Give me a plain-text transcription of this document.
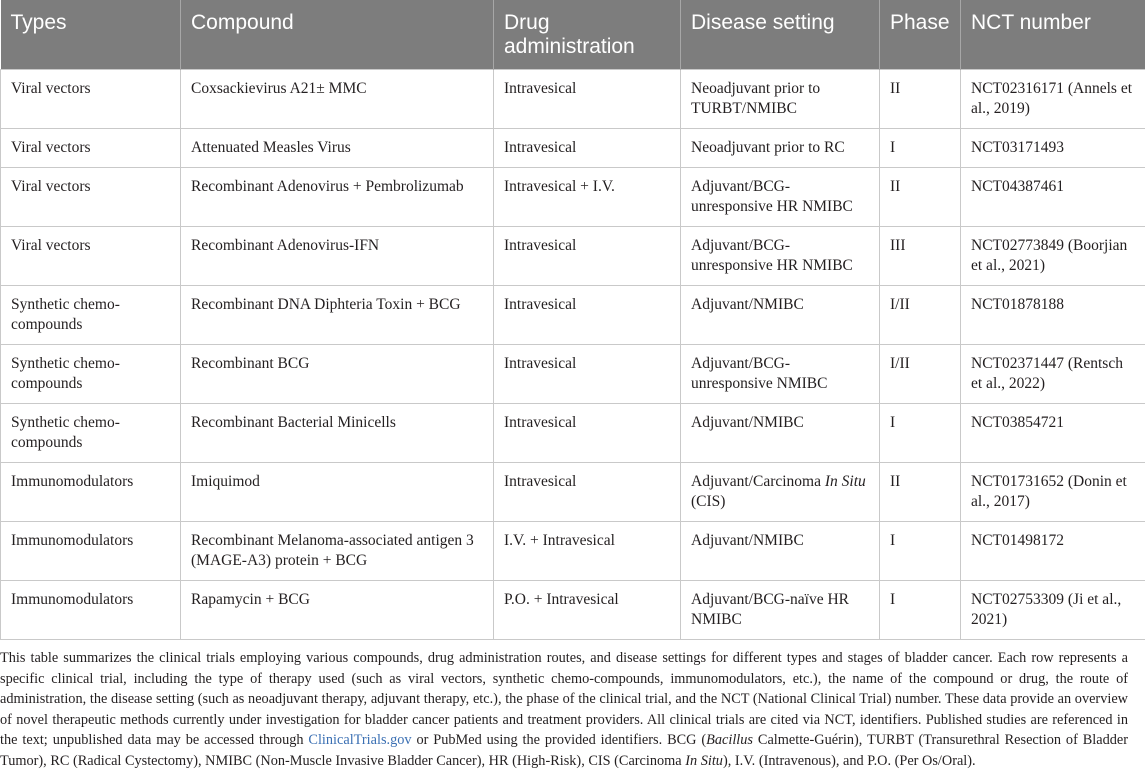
Types	Compound	Drug administration	Disease setting	Phase	NCT number
Viral vectors	Coxsackievirus A21± MMC	Intravesical	Neoadjuvant prior to TURBT/NMIBC	II	NCT02316171 (Annels et al., 2019)
Viral vectors	Attenuated Measles Virus	Intravesical	Neoadjuvant prior to RC	I	NCT03171493
Viral vectors	Recombinant Adenovirus + Pembrolizumab	Intravesical + I.V.	Adjuvant/BCG-unresponsive HR NMIBC	II	NCT04387461
Viral vectors	Recombinant Adenovirus-IFN	Intravesical	Adjuvant/BCG-unresponsive HR NMIBC	III	NCT02773849 (Boorjian et al., 2021)
Synthetic chemo-compounds	Recombinant DNA Diphteria Toxin + BCG	Intravesical	Adjuvant/NMIBC	I/II	NCT01878188
Synthetic chemo-compounds	Recombinant BCG	Intravesical	Adjuvant/BCG-unresponsive NMIBC	I/II	NCT02371447 (Rentsch et al., 2022)
Synthetic chemo-compounds	Recombinant Bacterial Minicells	Intravesical	Adjuvant/NMIBC	I	NCT03854721
Immunomodulators	Imiquimod	Intravesical	Adjuvant/Carcinoma In Situ (CIS)	II	NCT01731652 (Donin et al., 2017)
Immunomodulators	Recombinant Melanoma-associated antigen 3 (MAGE-A3) protein + BCG	I.V. + Intravesical	Adjuvant/NMIBC	I	NCT01498172
Immunomodulators	Rapamycin + BCG	P.O. + Intravesical	Adjuvant/BCG-naïve HR NMIBC	I	NCT02753309 (Ji et al., 2021)
This table summarizes the clinical trials employing various compounds, drug administration routes, and disease settings for different types and stages of bladder cancer. Each row represents a specific clinical trial, including the type of therapy used (such as viral vectors, synthetic chemo-compounds, immunomodulators, etc.), the name of the compound or drug, the route of administration, the disease setting (such as neoadjuvant therapy, adjuvant therapy, etc.), the phase of the clinical trial, and the NCT (National Clinical Trial) number. These data provide an overview of novel therapeutic methods currently under investigation for bladder cancer patients and treatment providers. All clinical trials are cited via NCT, identifiers. Published studies are referenced in the text; unpublished data may be accessed through ClinicalTrials.gov or PubMed using the provided identifiers. BCG (Bacillus Calmette-Guérin), TURBT (Transurethral Resection of Bladder Tumor), RC (Radical Cystectomy), NMIBC (Non-Muscle Invasive Bladder Cancer), HR (High-Risk), CIS (Carcinoma In Situ), I.V. (Intravenous), and P.O. (Per Os/Oral).
